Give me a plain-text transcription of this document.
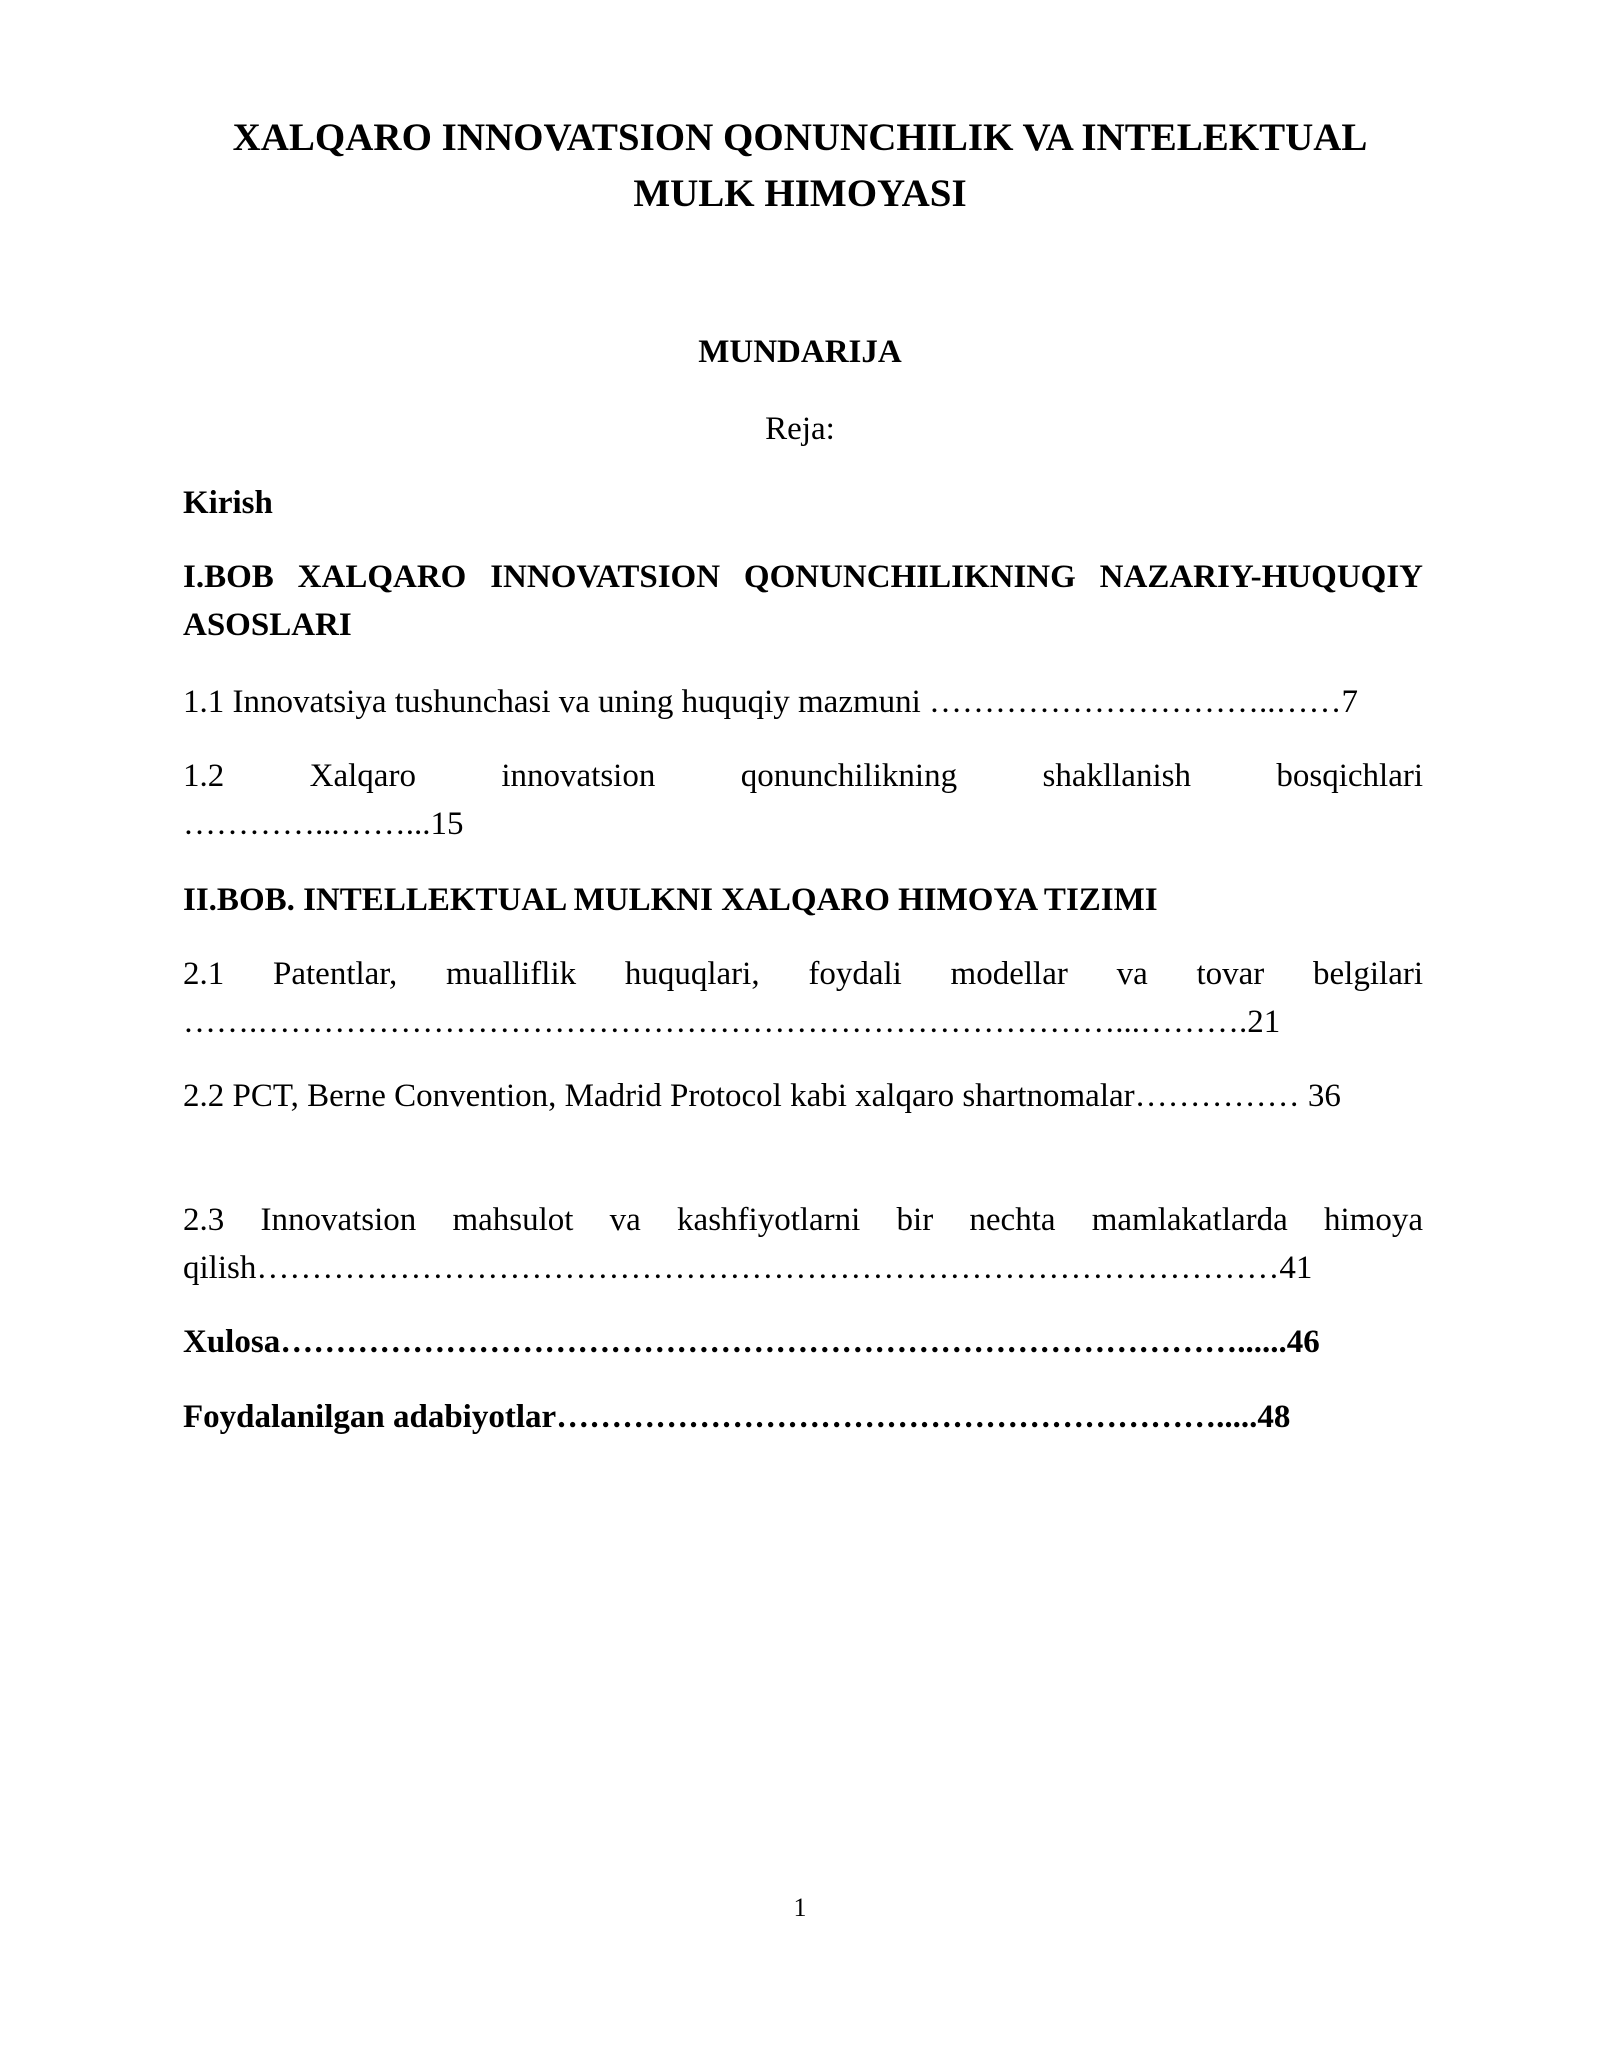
XALQARO INNOVATSION QONUNCHILIK VA INTELEKTUAL
MULK HIMOYASI
MUNDARIJA
Reja:
Kirish
I.BOB XALQARO INNOVATSION QONUNCHILIKNING NAZARIY-HUQUQIY ASOSLARI
1.1 Innovatsiya tushunchasi va uning huquqiy mazmuni …………………………..……7
1.2 Xalqaro innovatsion qonunchilikning shakllanish bosqichlari
…………...……...15
II.BOB. INTELLEKTUAL MULKNI XALQARO HIMOYA TIZIMI
2.1 Patentlar, mualliflik huquqlari, foydali modellar va tovar belgilari
…….……………………………………………………………………...……….21
2.2 PCT, Berne Convention, Madrid Protocol kabi xalqaro shartnomalar…………… 36
2.3 Innovatsion mahsulot va kashfiyotlarni bir nechta mamlakatlarda himoya
qilish…………………………………………………………………………………41
Xulosa……………………………………………………………………………......46
Foydalanilgan adabiyotlar…………………………………………………….....48
1
